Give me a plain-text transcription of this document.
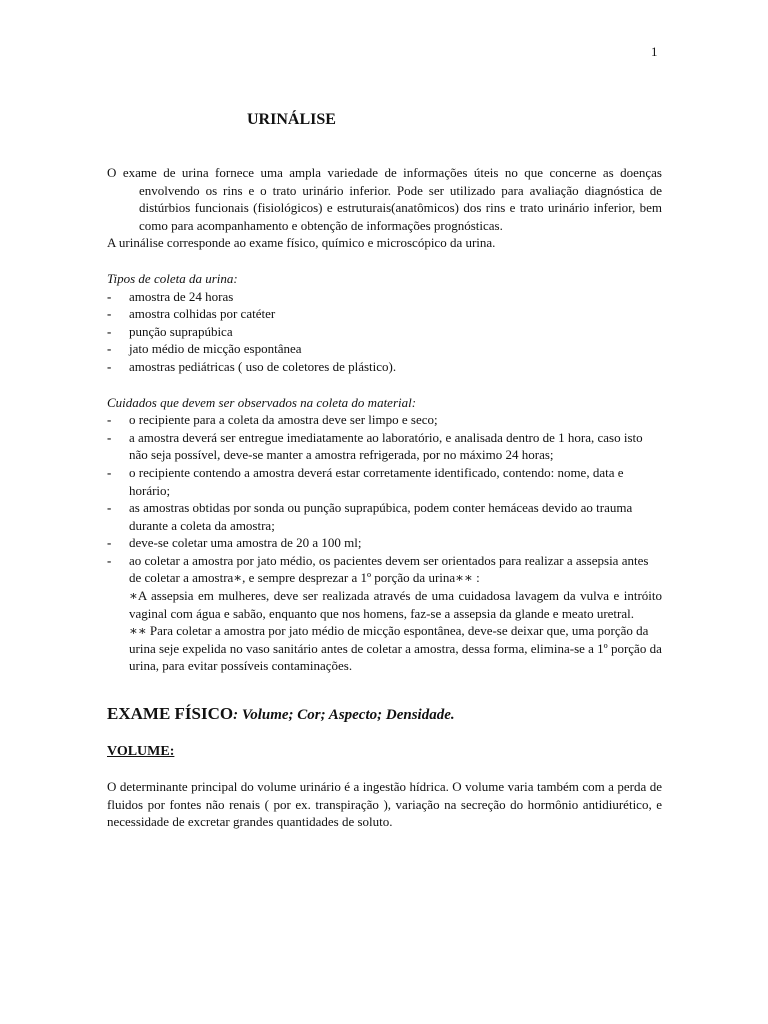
1
URINÁLISE

O exame de urina fornece uma ampla variedade de informações úteis no que concerne as doenças envolvendo os rins e o trato urinário inferior. Pode ser utilizado para avaliação diagnóstica de distúrbios funcionais (fisiológicos) e estruturais(anatômicos) dos rins e trato urinário inferior, bem como para acompanhamento e obtenção de informações prognósticas.

A urinálise corresponde ao exame físico, químico e microscópico da urina.

Tipos de coleta da urina:

- amostra de 24 horas
- amostra colhidas por catéter
- punção suprapúbica
- jato médio de micção espontânea
- amostras pediátricas ( uso de coletores de plástico).

Cuidados que devem ser observados na coleta do material:

- o recipiente para a coleta da amostra deve ser limpo e seco;
- a amostra deverá ser entregue imediatamente ao laboratório, e analisada dentro de 1 hora, caso isto não seja possível, deve-se manter a amostra refrigerada, por no máximo 24 horas;
- o recipiente contendo a amostra deverá estar corretamente identificado, contendo: nome, data e horário;
- as amostras obtidas por sonda ou punção suprapúbica, podem conter hemáceas devido ao trauma durante a coleta da amostra;
- deve-se coletar uma amostra de 20 a 100 ml;
- ao coletar a amostra por jato médio, os pacientes devem ser orientados para realizar a assepsia antes de coletar a amostra∗, e sempre desprezar a 1º porção da urina∗∗ :

∗A assepsia em mulheres, deve ser realizada através de uma cuidadosa lavagem da vulva e intróito vaginal com água e sabão, enquanto que nos homens, faz-se a assepsia da glande e meato uretral.

∗∗ Para coletar a amostra por jato médio de micção espontânea, deve-se deixar que, uma porção da urina seje expelida no vaso sanitário antes de coletar a amostra, dessa forma, elimina-se a 1º porção da urina, para evitar possíveis contaminações.

EXAME FÍSICO: Volume; Cor; Aspecto; Densidade.
VOLUME:

O determinante principal do volume urinário é a ingestão hídrica. O volume varia também com a perda de fluidos por fontes não renais ( por ex. transpiração ), variação na secreção do hormônio antidiurético, e necessidade de excretar grandes quantidades de soluto.
